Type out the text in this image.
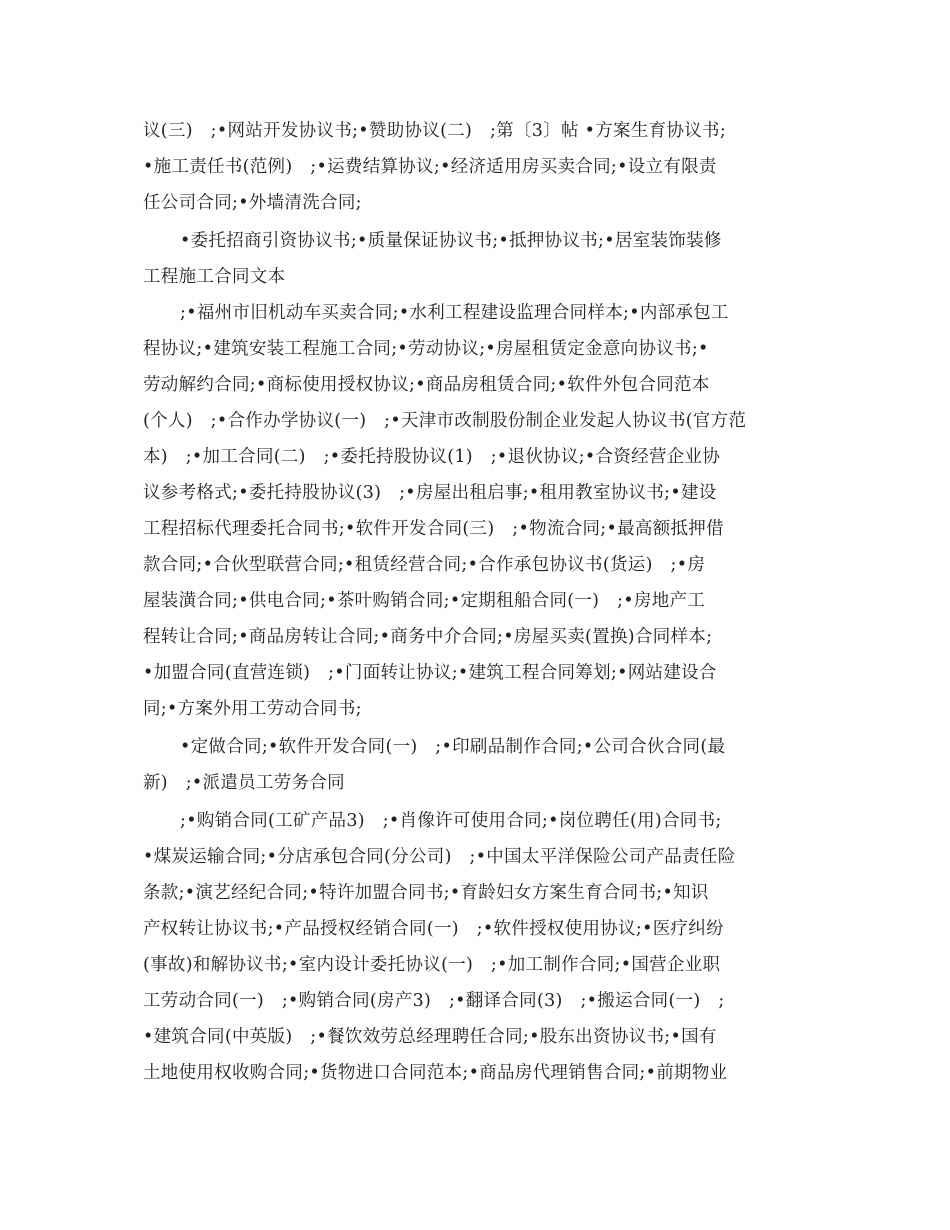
议(三)　;•网站开发协议书;•赞助协议(二)　;第〔3〕帖 •方案生育协议书;
•施工责任书(范例)　;•运费结算协议;•经济适用房买卖合同;•设立有限责
任公司合同;•外墙清洗合同;
•委托招商引资协议书;•质量保证协议书;•抵押协议书;•居室装饰装修
工程施工合同文本
;•福州市旧机动车买卖合同;•水利工程建设监理合同样本;•内部承包工
程协议;•建筑安装工程施工合同;•劳动协议;•房屋租赁定金意向协议书;•
劳动解约合同;•商标使用授权协议;•商品房租赁合同;•软件外包合同范本
(个人)　;•合作办学协议(一)　;•天津市改制股份制企业发起人协议书(官方范
本)　;•加工合同(二)　;•委托持股协议(1)　;•退伙协议;•合资经营企业协
议参考格式;•委托持股协议(3)　;•房屋出租启事;•租用教室协议书;•建设
工程招标代理委托合同书;•软件开发合同(三)　;•物流合同;•最高额抵押借
款合同;•合伙型联营合同;•租赁经营合同;•合作承包协议书(货运)　;•房
屋装潢合同;•供电合同;•茶叶购销合同;•定期租船合同(一)　;•房地产工
程转让合同;•商品房转让合同;•商务中介合同;•房屋买卖(置换)合同样本;
•加盟合同(直营连锁)　;•门面转让协议;•建筑工程合同筹划;•网站建设合
同;•方案外用工劳动合同书;
•定做合同;•软件开发合同(一)　;•印刷品制作合同;•公司合伙合同(最
新)　;•派遣员工劳务合同
;•购销合同(工矿产品3)　;•肖像许可使用合同;•岗位聘任(用)合同书;
•煤炭运输合同;•分店承包合同(分公司)　;•中国太平洋保险公司产品责任险
条款;•演艺经纪合同;•特许加盟合同书;•育龄妇女方案生育合同书;•知识
产权转让协议书;•产品授权经销合同(一)　;•软件授权使用协议;•医疗纠纷
(事故)和解协议书;•室内设计委托协议(一)　;•加工制作合同;•国营企业职
工劳动合同(一)　;•购销合同(房产3)　;•翻译合同(3)　;•搬运合同(一)　;
•建筑合同(中英版)　;•餐饮效劳总经理聘任合同;•股东出资协议书;•国有
土地使用权收购合同;•货物进口合同范本;•商品房代理销售合同;•前期物业
